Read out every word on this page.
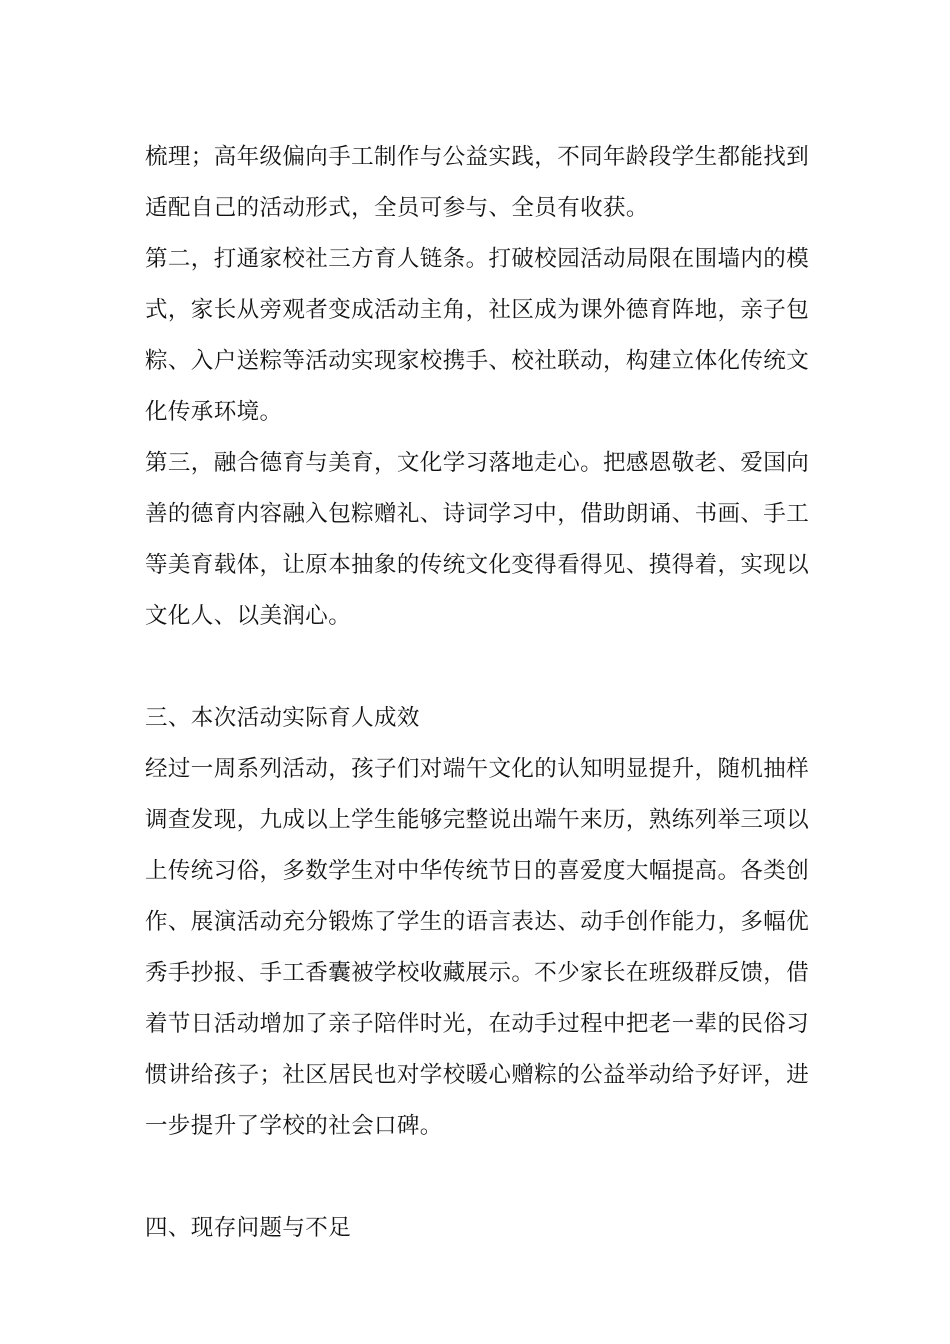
梳理；高年级偏向手工制作与公益实践，不同年龄段学生都能找到
适配自己的活动形式，全员可参与、全员有收获。
第二，打通家校社三方育人链条。打破校园活动局限在围墙内的模
式，家长从旁观者变成活动主角，社区成为课外德育阵地，亲子包
粽、入户送粽等活动实现家校携手、校社联动，构建立体化传统文
化传承环境。
第三，融合德育与美育，文化学习落地走心。把感恩敬老、爱国向
善的德育内容融入包粽赠礼、诗词学习中，借助朗诵、书画、手工
等美育载体，让原本抽象的传统文化变得看得见、摸得着，实现以
文化人、以美润心。
三、本次活动实际育人成效
经过一周系列活动，孩子们对端午文化的认知明显提升，随机抽样
调查发现，九成以上学生能够完整说出端午来历，熟练列举三项以
上传统习俗，多数学生对中华传统节日的喜爱度大幅提高。各类创
作、展演活动充分锻炼了学生的语言表达、动手创作能力，多幅优
秀手抄报、手工香囊被学校收藏展示。不少家长在班级群反馈，借
着节日活动增加了亲子陪伴时光，在动手过程中把老一辈的民俗习
惯讲给孩子；社区居民也对学校暖心赠粽的公益举动给予好评，进
一步提升了学校的社会口碑。
四、现存问题与不足
